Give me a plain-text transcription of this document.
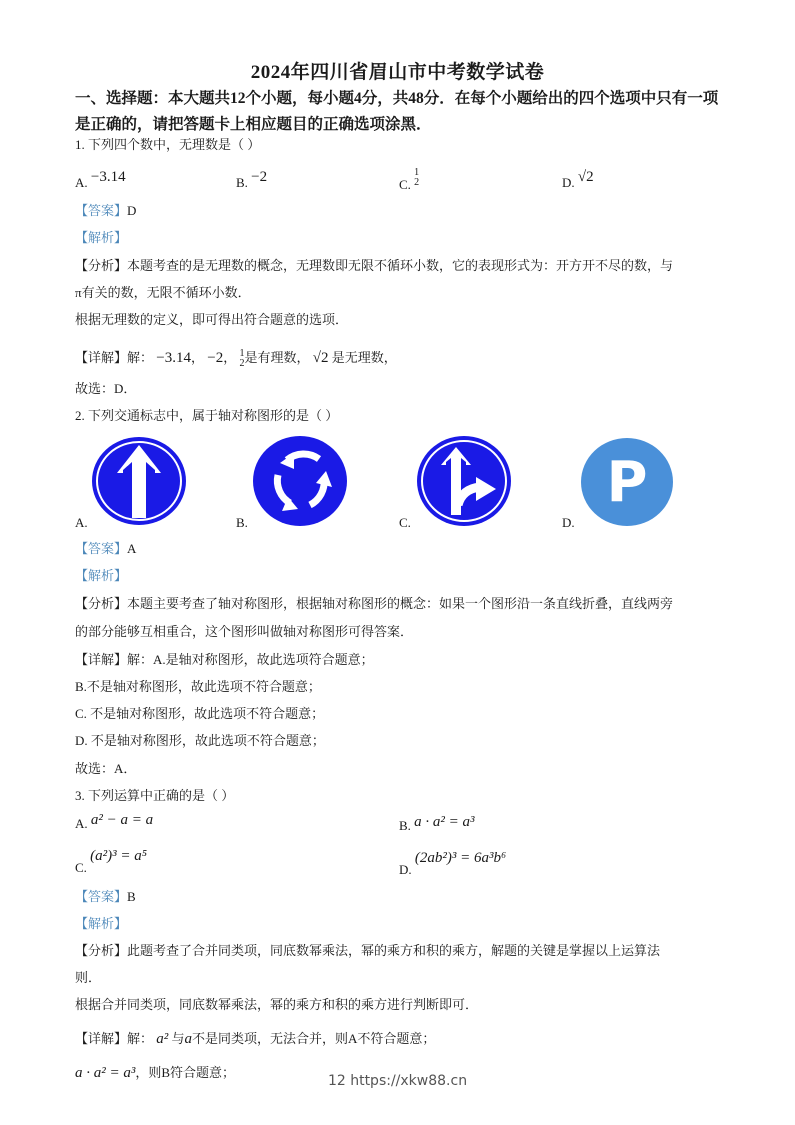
2024年四川省眉山市中考数学试卷
一、选择题：本大题共12个小题，每小题4分，共48分．在每个小题给出的四个选项中只有一项是正确的，请把答题卡上相应题目的正确选项涂黑．
1. 下列四个数中，无理数是（ ）
A. −3.14	B. −2	C.
1
2	D. √2
【答案】D
【解析】
【分析】本题考查的是无理数的概念，无理数即无限不循环小数，它的表现形式为：开方开不尽的数，与
π有关的数，无限不循环小数．
根据无理数的定义，即可得出符合题意的选项．
【详解】解： −3.14， −2， 1
2 是有理数， √2 是无理数，
故选：D．
2. 下列交通标志中，属于轴对称图形的是（ ）
A.	B.	C.
P
D.
【答案】A
【解析】
【分析】本题主要考查了轴对称图形，根据轴对称图形的概念：如果一个图形沿一条直线折叠，直线两旁
的部分能够互相重合，这个图形叫做轴对称图形可得答案．
【详解】解：A.是轴对称图形，故此选项符合题意；
B.不是轴对称图形，故此选项不符合题意；
C. 不是轴对称图形，故此选项不符合题意；
D. 不是轴对称图形，故此选项不符合题意；
故选：A．
3. 下列运算中正确的是（ ）
A. a² − a = a	B. a · a² = a³
C. (a²)³ = a⁵
D. (2ab²)³ = 6a³b⁶
【答案】B
【解析】
【分析】此题考查了合并同类项，同底数幂乘法，幂的乘方和积的乘方，解题的关键是掌握以上运算法
则．
根据合并同类项，同底数幂乘法，幂的乘方和积的乘方进行判断即可．
【详解】解： a² 与a不是同类项，无法合并，则A不符合题意；
a · a² = a³，则B符合题意；
12 https://xkw88.cn
